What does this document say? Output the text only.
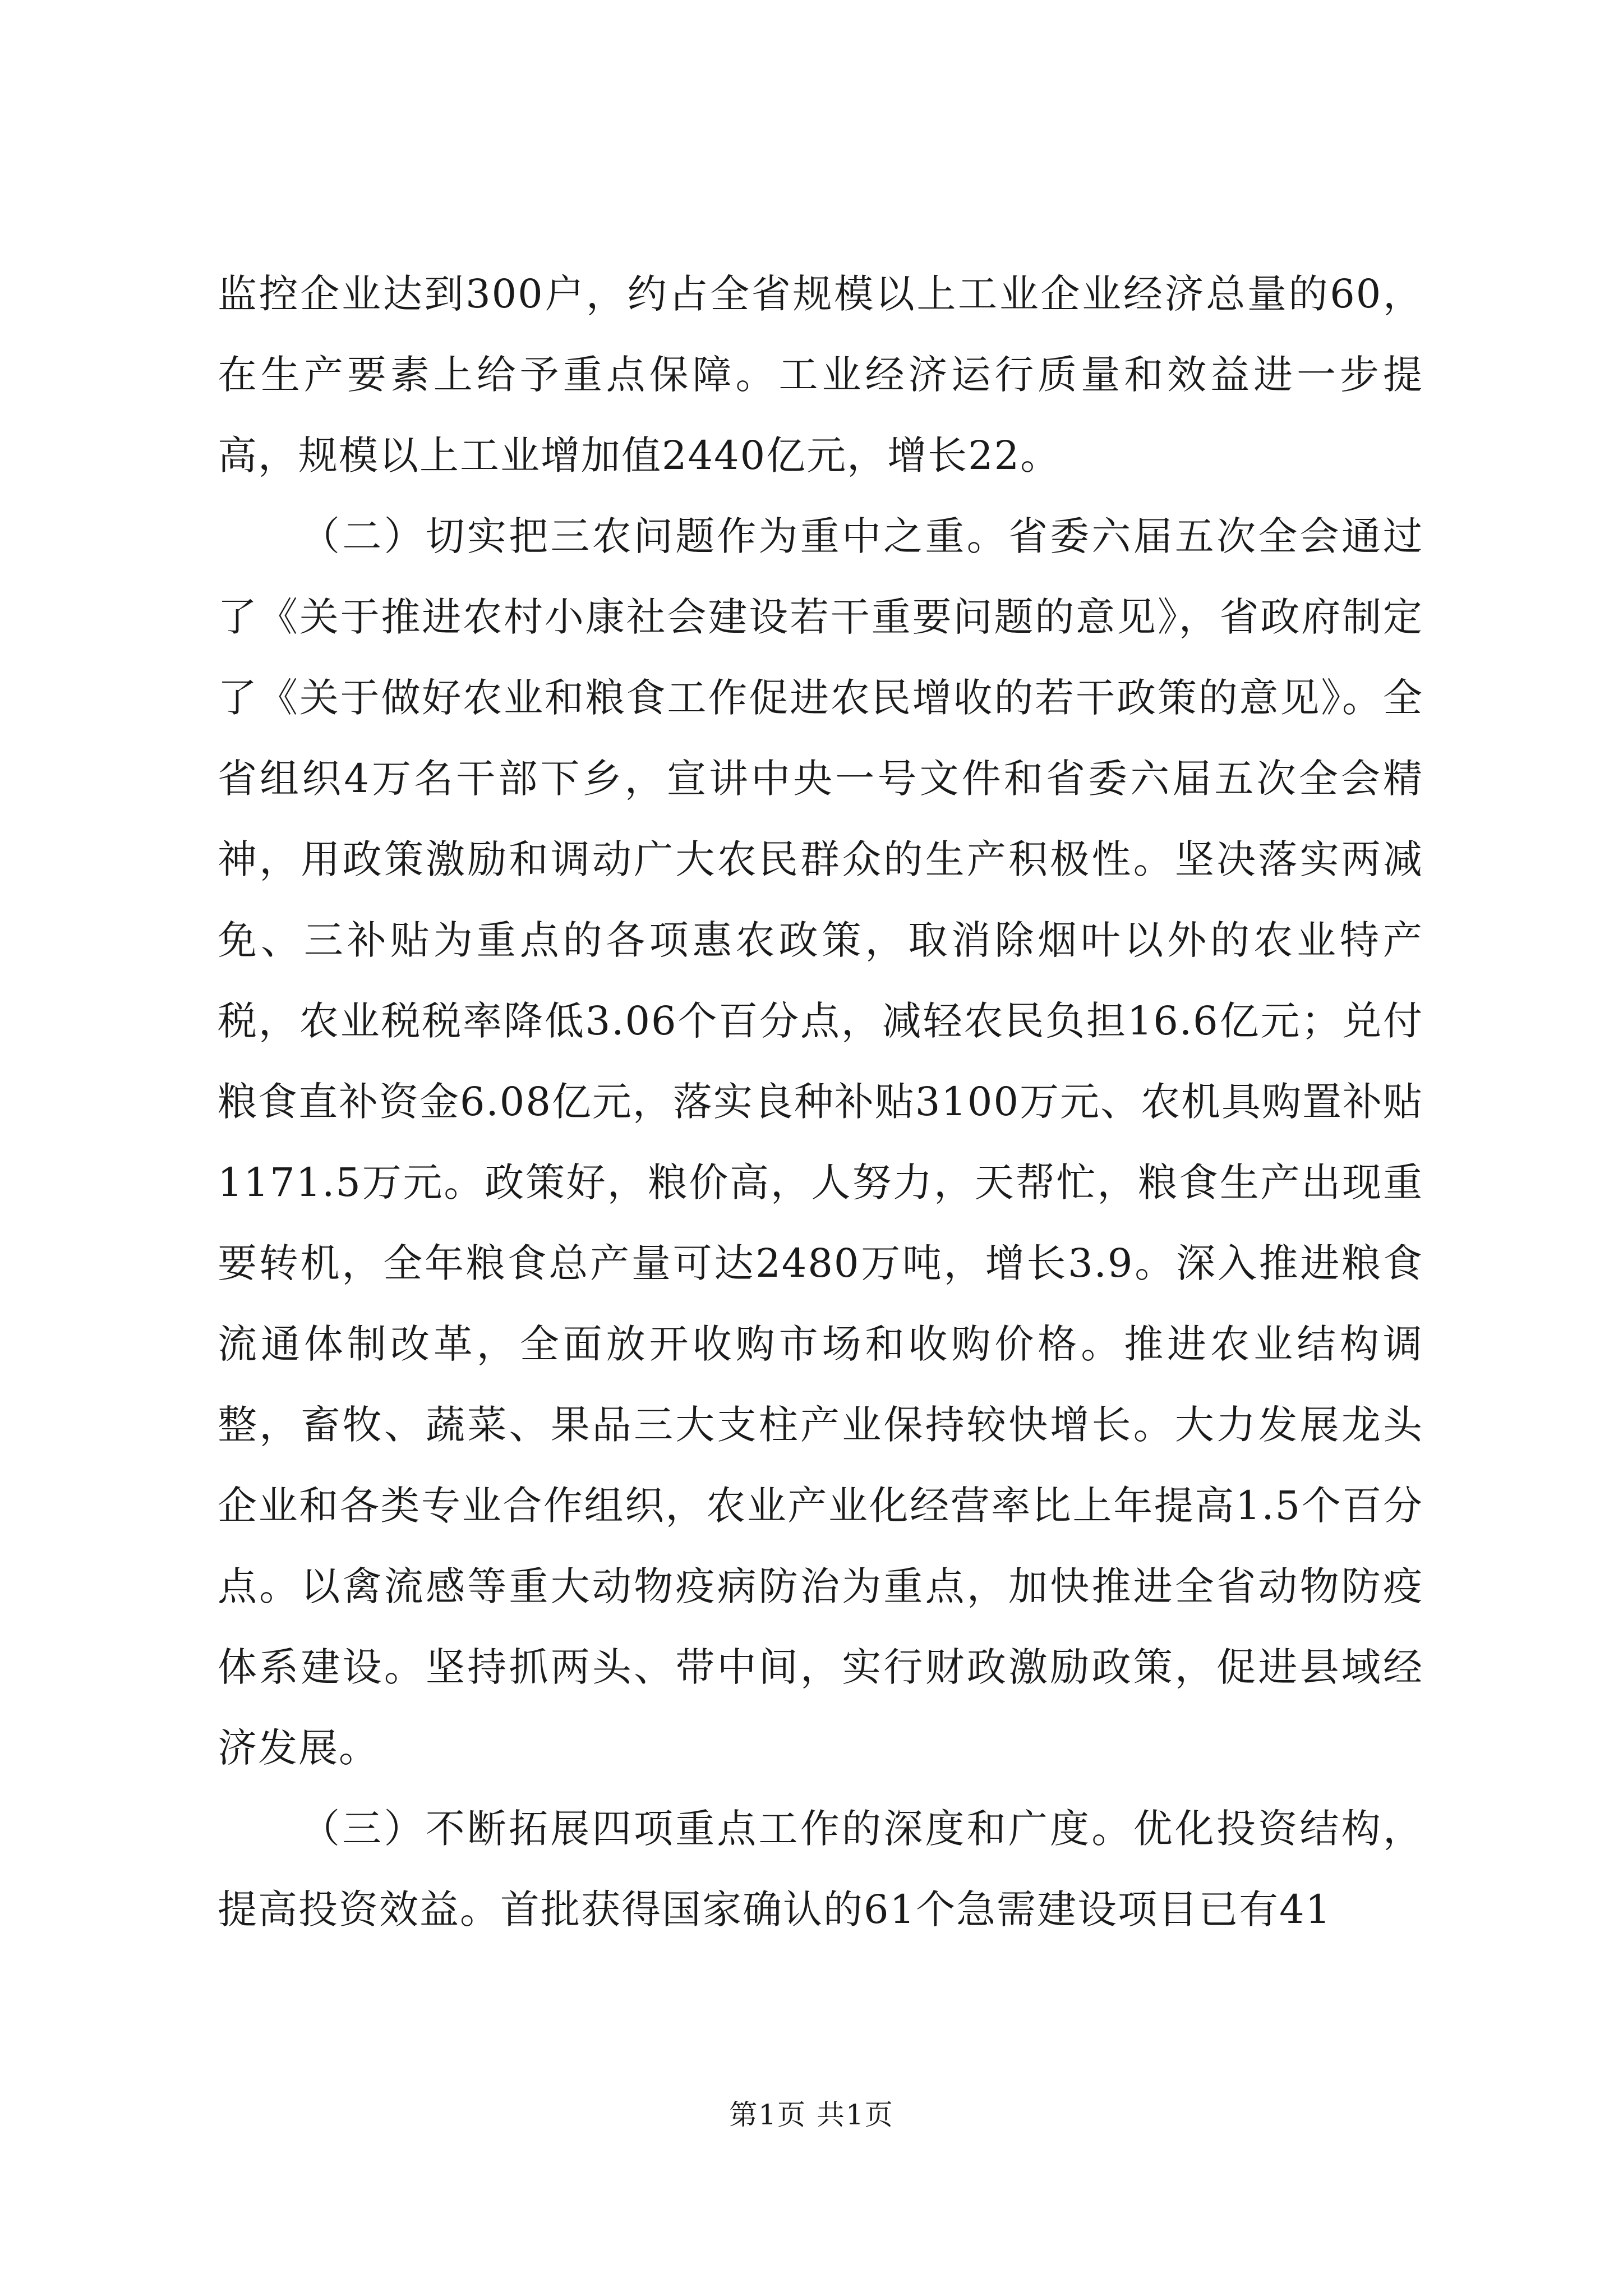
监控企业达到300户，约占全省规模以上工业企业经济总量的60，在生产要素上给予重点保障。工业经济运行质量和效益进一步提高，规模以上工业增加值2440亿元，增长22。

（二）切实把三农问题作为重中之重。省委六届五次全会通过了《关于推进农村小康社会建设若干重要问题的意见》，省政府制定了《关于做好农业和粮食工作促进农民增收的若干政策的意见》。全省组织4万名干部下乡，宣讲中央一号文件和省委六届五次全会精神，用政策激励和调动广大农民群众的生产积极性。坚决落实两减免、三补贴为重点的各项惠农政策，取消除烟叶以外的农业特产税，农业税税率降低3.06个百分点，减轻农民负担16.6亿元；兑付粮食直补资金6.08亿元，落实良种补贴3100万元、农机具购置补贴1171.5万元。政策好，粮价高，人努力，天帮忙，粮食生产出现重要转机，全年粮食总产量可达2480万吨，增长3.9。深入推进粮食流通体制改革，全面放开收购市场和收购价格。推进农业结构调整，畜牧、蔬菜、果品三大支柱产业保持较快增长。大力发展龙头企业和各类专业合作组织，农业产业化经营率比上年提高1.5个百分点。以禽流感等重大动物疫病防治为重点，加快推进全省动物防疫体系建设。坚持抓两头、带中间，实行财政激励政策，促进县域经济发展。

（三）不断拓展四项重点工作的深度和广度。优化投资结构，提高投资效益。首批获得国家确认的61个急需建设项目已有41

第1页 共1页
